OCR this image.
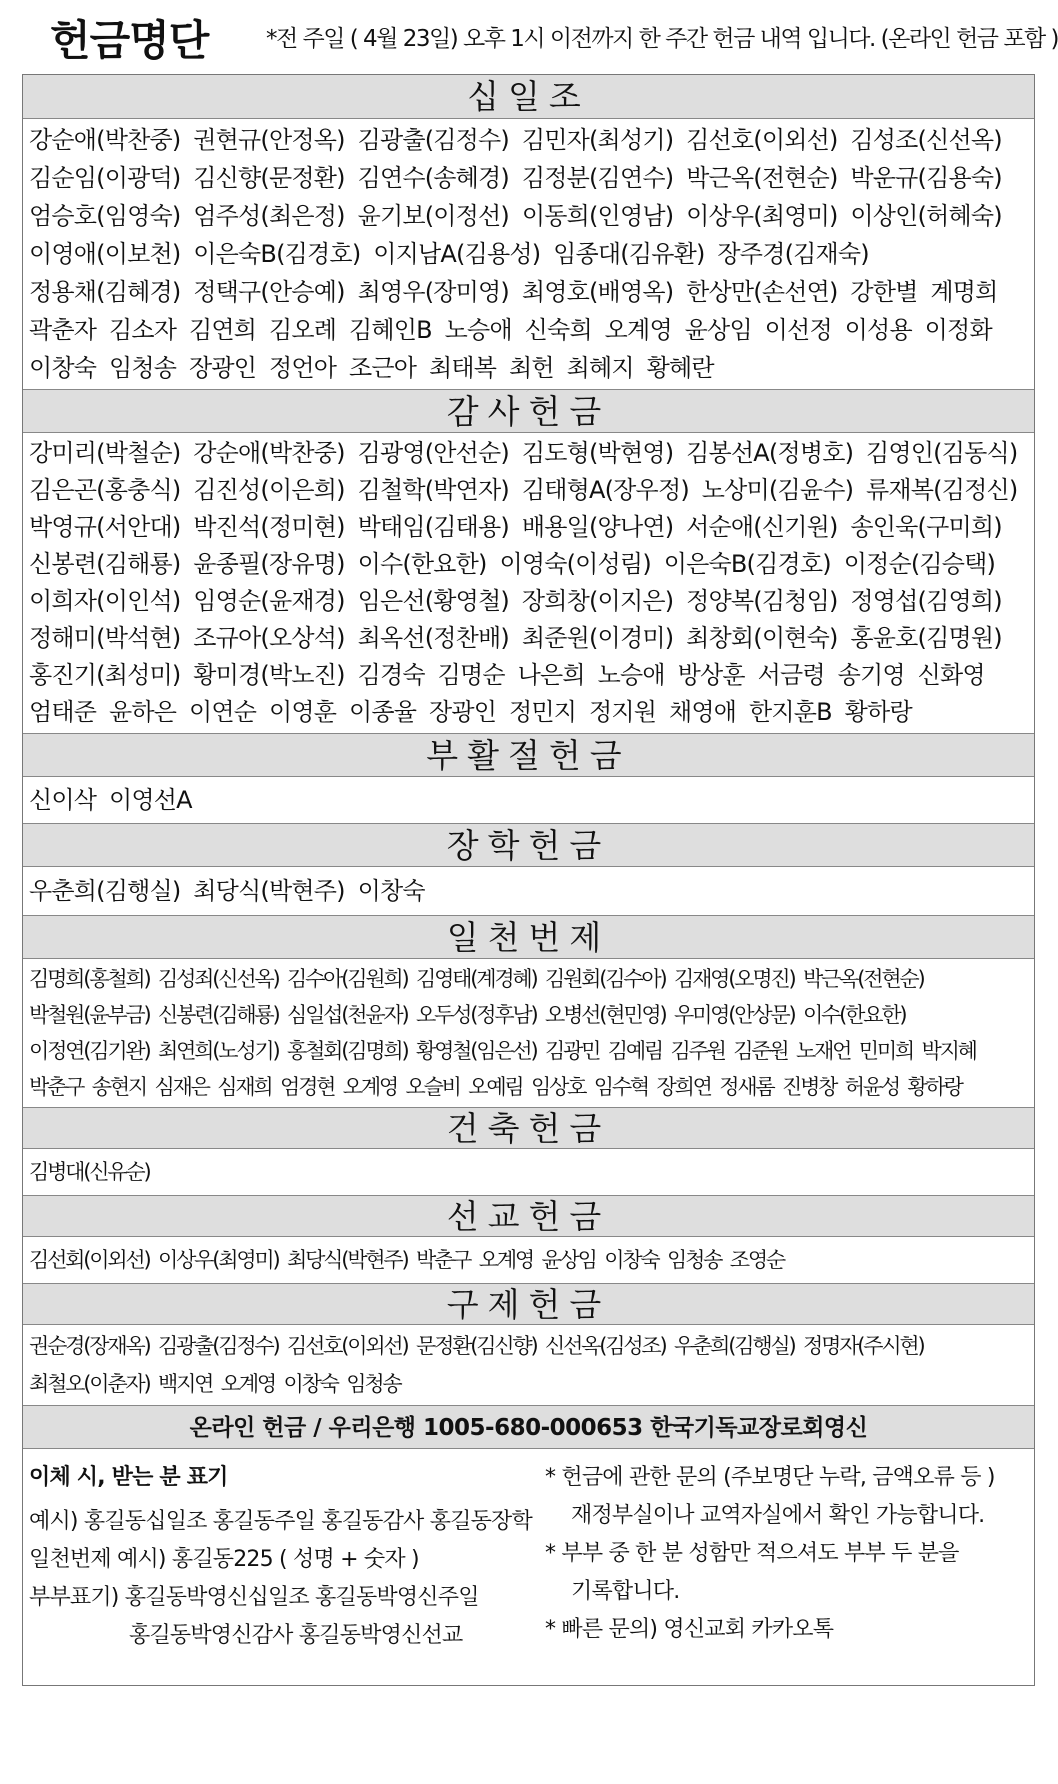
헌금명단	*전 주일 ( 4월 23일) 오후 1시 이전까지 한 주간 헌금 내역 입니다. (온라인 헌금 포함 )
십일조
강순애(박찬중) 권현규(안정옥) 김광출(김정수) 김민자(최성기) 김선호(이외선) 김성조(신선옥) 김순임(이광덕) 김신향(문정환) 김연수(송혜경) 김정분(김연수) 박근옥(전현순) 박운규(김용숙) 엄승호(임영숙) 엄주성(최은정) 윤기보(이정선) 이동희(인영남) 이상우(최영미) 이상인(허혜숙) 이영애(이보천) 이은숙B(김경호) 이지남A(김용성) 임종대(김유환) 장주경(김재숙) 정용채(김혜경) 정택구(안승예) 최영우(장미영) 최영호(배영옥) 한상만(손선연) 강한별 계명희 곽춘자 김소자 김연희 김오례 김혜인B 노승애 신숙희 오계영 윤상임 이선정 이성용 이정화 이창숙 임청송 장광인 정언아 조근아 최태복 최헌 최혜지 황혜란
감사헌금
강미리(박철순) 강순애(박찬중) 김광영(안선순) 김도형(박현영) 김봉선A(정병호) 김영인(김동식) 김은곤(홍충식) 김진성(이은희) 김철학(박연자) 김태형A(장우정) 노상미(김윤수) 류재복(김정신) 박영규(서안대) 박진석(정미현) 박태임(김태용) 배용일(양나연) 서순애(신기원) 송인욱(구미희) 신봉련(김해룡) 윤종필(장유명) 이수(한요한) 이영숙(이성림) 이은숙B(김경호) 이정순(김승택) 이희자(이인석) 임영순(윤재경) 임은선(황영철) 장희창(이지은) 정양복(김청임) 정영섭(김영희) 정해미(박석현) 조규아(오상석) 최옥선(정찬배) 최준원(이경미) 최창회(이현숙) 홍윤호(김명원) 홍진기(최성미) 황미경(박노진) 김경숙 김명순 나은희 노승애 방상훈 서금령 송기영 신화영 엄태준 윤하은 이연순 이영훈 이종율 장광인 정민지 정지원 채영애 한지훈B 황하랑
부활절헌금
신이삭 이영선A
장학헌금
우춘희(김행실) 최당식(박현주) 이창숙
일천번제
김명희(홍철희) 김성죄(신선옥) 김수아(김원희) 김영태(계경혜) 김원회(김수아) 김재영(오명진) 박근옥(전현순) 박철원(윤부금) 신봉련(김해룡) 심일섭(천윤자) 오두성(정후남) 오병선(현민영) 우미영(안상문) 이수(한요한) 이정연(김기완) 최연희(노성기) 홍철회(김명희) 황영철(임은선) 김광민 김예림 김주원 김준원 노재언 민미희 박지혜 박춘구 송현지 심재은 심재희 엄경현 오계영 오슬비 오예림 임상호 임수혁 장희연 정새롬 진병창 허윤성 황하랑
건축헌금
김병대(신유순)
선교헌금
김선회(이외선) 이상우(최영미) 최당식(박현주) 박춘구 오계영 윤상임 이창숙 임청송 조영순
구제헌금
권순경(장재옥) 김광출(김정수) 김선호(이외선) 문정환(김신향) 신선옥(김성조) 우춘희(김행실) 정명자(주시현) 최철오(이춘자) 백지연 오계영 이창숙 임청송
온라인 헌금 / 우리은행 1005-680-000653 한국기독교장로회영신
이체 시, 받는 분 표기
예시) 홍길동십일조 홍길동주일 홍길동감사 홍길동장학
일천번제 예시) 홍길동225 ( 성명 + 숫자 )
부부표기) 홍길동박영신십일조 홍길동박영신주일
홍길동박영신감사 홍길동박영신선교
* 헌금에 관한 문의 (주보명단 누락, 금액오류 등 )
재정부실이나 교역자실에서 확인 가능합니다.
* 부부 중 한 분 성함만 적으셔도 부부 두 분을
기록합니다.
* 빠른 문의) 영신교회 카카오톡
